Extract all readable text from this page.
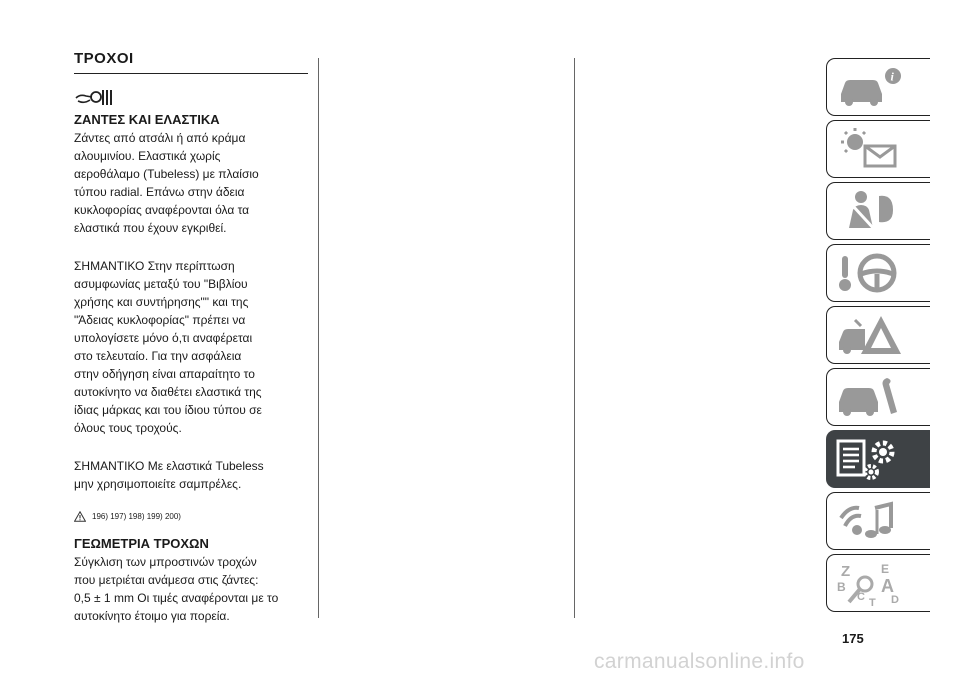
ΤΡΟΧΟΙ
ΖΑΝΤΕΣ ΚΑΙ ΕΛΑΣΤΙΚΑ

Ζάντες από ατσάλι ή από κράμα
αλουμινίου. Ελαστικά χωρίς
αεροθάλαμο (Tubeless) με πλαίσιο
τύπου radial. Επάνω στην άδεια
κυκλοφορίας αναφέρονται όλα τα
ελαστικά που έχουν εγκριθεί.

ΣΗΜΑΝΤΙΚΟ Στην περίπτωση
ασυμφωνίας μεταξύ του "Βιβλίου
χρήσης και συντήρησης"" και της
"Άδειας κυκλοφορίας" πρέπει να
υπολογίσετε μόνο ό,τι αναφέρεται
στο τελευταίο. Για την ασφάλεια
στην οδήγηση είναι απαραίτητο το
αυτοκίνητο να διαθέτει ελαστικά της
ίδιας μάρκας και του ίδιου τύπου σε
όλους τους τροχούς.

ΣΗΜΑΝΤΙΚΟ Με ελαστικά Tubeless
μην χρησιμοποιείτε σαμπρέλες.

196) 197) 198) 199) 200)
ΓΕΩΜΕΤΡΙΑ ΤΡΟΧΩΝ

Σύγκλιση των μπροστινών τροχών
που μετριέται ανάμεσα στις ζάντες:
0,5 ± 1 mm Οι τιμές αναφέρονται με το
αυτοκίνητο έτοιμο για πορεία.

i
Z	E
B A
C D
T
175
carmanualsonline.info
